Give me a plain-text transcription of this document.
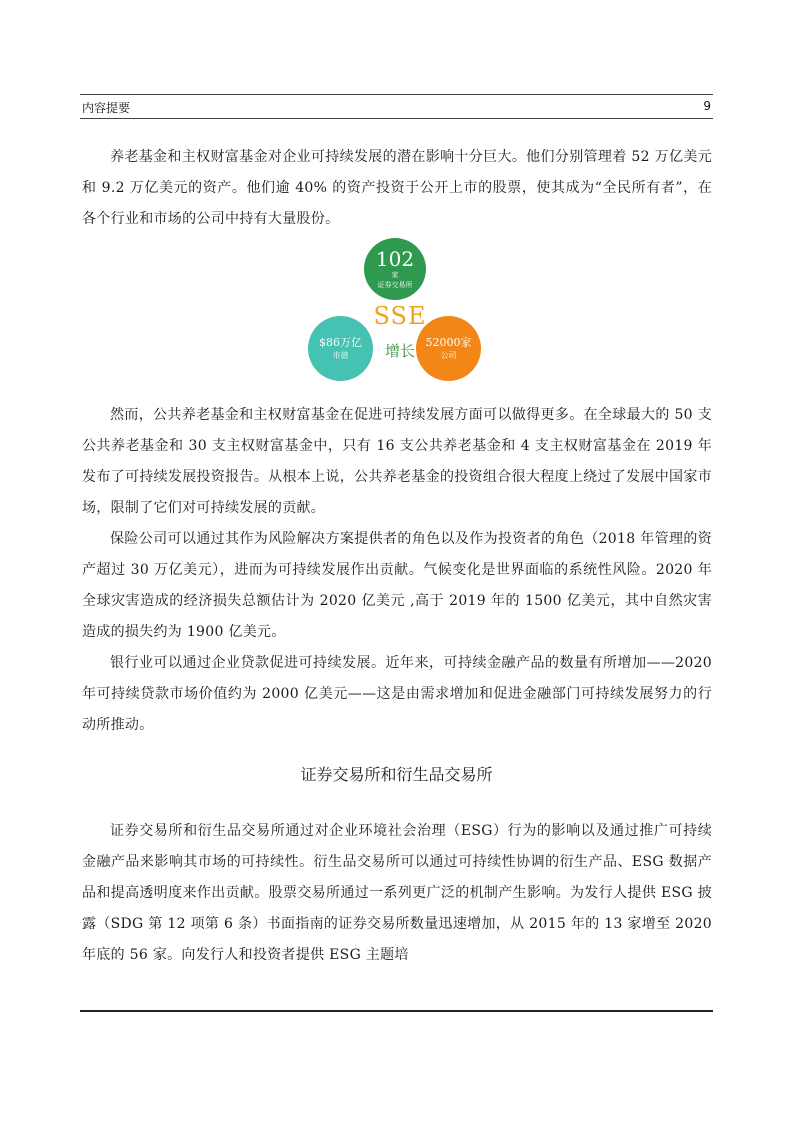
内容提要	9

养老基金和主权财富基金对企业可持续发展的潜在影响十分巨大。他们分别管理着 52 万亿美元和 9.2 万亿美元的资产。他们逾 40% 的资产投资于公开上市的股票，使其成为“全民所有者”，在各个行业和市场的公司中持有大量股份。

102
家
证券交易所
SSE
增长
$86万亿
市值
52000家
公司

然而，公共养老基金和主权财富基金在促进可持续发展方面可以做得更多。在全球最大的 50 支公共养老基金和 30 支主权财富基金中，只有 16 支公共养老基金和 4 支主权财富基金在 2019 年发布了可持续发展投资报告。从根本上说，公共养老基金的投资组合很大程度上绕过了发展中国家市场，限制了它们对可持续发展的贡献。

保险公司可以通过其作为风险解决方案提供者的角色以及作为投资者的角色（2018 年管理的资产超过 30 万亿美元），进而为可持续发展作出贡献。气候变化是世界面临的系统性风险。2020 年全球灾害造成的经济损失总额估计为 2020 亿美元 ,高于 2019 年的 1500 亿美元，其中自然灾害造成的损失约为 1900 亿美元。

银行业可以通过企业贷款促进可持续发展。近年来，可持续金融产品的数量有所增加——2020 年可持续贷款市场价值约为 2000 亿美元——这是由需求增加和促进金融部门可持续发展努力的行动所推动。

证券交易所和衍生品交易所

证券交易所和衍生品交易所通过对企业环境社会治理（ESG）行为的影响以及通过推广可持续金融产品来影响其市场的可持续性。衍生品交易所可以通过可持续性协调的衍生产品、ESG 数据产品和提高透明度来作出贡献。股票交易所通过一系列更广泛的机制产生影响。为发行人提供 ESG 披露（SDG 第 12 项第 6 条）书面指南的证券交易所数量迅速增加，从 2015 年的 13 家增至 2020 年底的 56 家。向发行人和投资者提供 ESG 主题培
